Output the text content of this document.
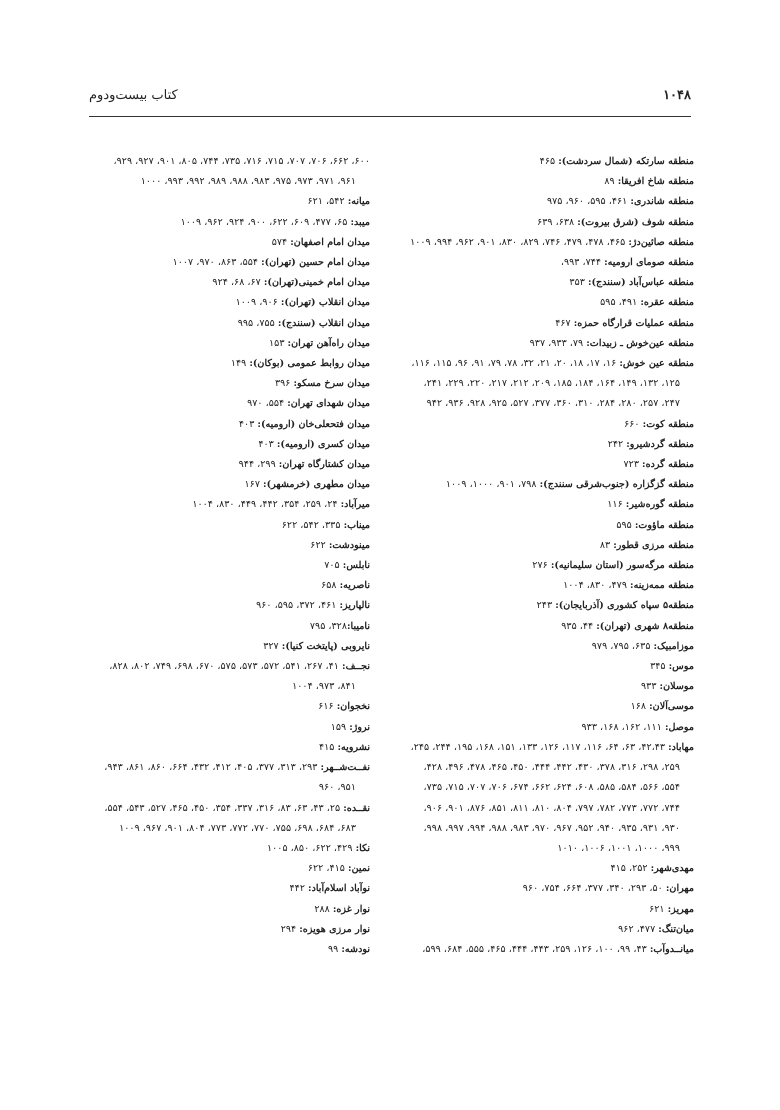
۱۰۴۸
کتاب بیست‌ودوم
منطقه سارتکه (شمال سردشت): ۴۶۵
منطقه شاخ افریقا: ۸۹
منطقه شاندری: ۴۶۱، ۵۹۵، ۹۶۰، ۹۷۵
منطقه شوف (شرق بیروت): ۶۳۸، ۶۳۹
منطقه صائین‌دژ: ۴۶۵، ۴۷۸، ۴۷۹، ۷۴۶، ۸۲۹، ۸۳۰، ۹۰۱، ۹۶۲، ۹۹۴، ۱۰۰۹
منطقه صومای ارومیه: ۷۴۴، ۹۹۳،
منطقه عباس‌آباد (سنندج): ۳۵۳
منطقه عقره: ۴۹۱، ۵۹۵
منطقه عملیات قرارگاه حمزه: ۴۶۷
منطقه عین‌خوش ـ زبیدات: ۷۹، ۹۳۳، ۹۳۷
منطقه عین خوش: ۱۶، ۱۷، ۱۸، ۲۰، ۲۱، ۳۲، ۷۸، ۷۹، ۹۱، ۹۶، ۱۱۵، ۱۱۶،
۱۲۵، ۱۳۲، ۱۴۹، ۱۶۴، ۱۸۴، ۱۸۵، ۲۰۹، ۲۱۲، ۲۱۷، ۲۲۰، ۲۲۹، ۲۴۱،
۲۴۷، ۲۵۷، ۲۸۰، ۲۸۴، ۳۱۰، ۳۶۰، ۳۷۷، ۵۲۷، ۹۲۵، ۹۲۸، ۹۳۶، ۹۴۲
منطقه کوت: ۶۶۰
منطقه گردشیرو: ۲۴۲
منطقه گرده: ۷۲۳
منطقه گزگزاره (جنوب‌شرقی سنندج): ۷۹۸، ۹۰۱، ۱۰۰۰، ۱۰۰۹
منطقه گوره‌شیر: ۱۱۶
منطقه ماؤوت: ۵۹۵
منطقه مرزی قطور: ۸۳
منطقه مرگه‌سور (استان سلیمانیه): ۲۷۶
منطقه ممه‌زینه: ۴۷۹، ۸۳۰، ۱۰۰۴
منطقه۵ سپاه کشوری (آذربایجان): ۲۴۳
منطقه۸ شهری (تهران): ۴۴، ۹۳۵
موزامبیک: ۶۳۵، ۷۹۵، ۹۷۹
موس: ۳۴۵
موسلان: ۹۳۳
موسی‌آلان: ۱۶۸
موصل: ۱۱۱، ۱۶۲، ۱۶۸، ۹۳۳
مهاباد: ۴۲،۴۳، ۶۳، ۶۴، ۱۱۶، ۱۱۷، ۱۲۶، ۱۳۳، ۱۵۱، ۱۶۸، ۱۹۵، ۲۴۴، ۲۴۵،
۲۵۹، ۲۹۸، ۳۱۶، ۳۷۸، ۴۳۰، ۴۴۲، ۴۴۴، ۴۵۰، ۴۶۵، ۴۷۸، ۴۹۶، ۴۲۸،
۵۵۴، ۵۶۶، ۵۸۴، ۵۸۵، ۶۰۸، ۶۲۴، ۶۶۲، ۶۷۴، ۷۰۶، ۷۰۷، ۷۱۵، ۷۳۵،
۷۴۴، ۷۷۲، ۷۷۳، ۷۸۲، ۷۹۷، ۸۰۴، ۸۱۰، ۸۱۱، ۸۵۱، ۸۷۶، ۹۰۱، ۹۰۶،
۹۳۰، ۹۳۱، ۹۳۵، ۹۴۰، ۹۵۲، ۹۶۷، ۹۷۰، ۹۸۳، ۹۸۸، ۹۹۴، ۹۹۷، ۹۹۸،
۹۹۹، ۱۰۰۰، ۱۰۰۱، ۱۰۰۶، ۱۰۱۰
مهدی‌شهر: ۲۵۲، ۴۱۵
مهران: ۵۰، ۲۹۳، ۳۴۰، ۳۷۷، ۶۶۴، ۷۵۴، ۹۶۰
مهریز: ۶۲۱
میان‌تنگ: ۴۷۷، ۹۶۲
میانــدوآب: ۴۳، ۹۹، ۱۰۰، ۱۲۶، ۲۵۹، ۴۴۳، ۴۴۴، ۴۶۵، ۵۵۵، ۶۸۴، ۵۹۹،
۶۰۰، ۶۶۲، ۷۰۶، ۷۰۷، ۷۱۵، ۷۱۶، ۷۳۵، ۷۴۴، ۸۰۵، ۹۰۱، ۹۲۷، ۹۲۹،
۹۶۱، ۹۷۱، ۹۷۳، ۹۷۵، ۹۸۳، ۹۸۸، ۹۸۹، ۹۹۲، ۹۹۳، ۱۰۰۰
میانه: ۵۴۲، ۶۲۱
میبد: ۶۵، ۴۷۷، ۶۰۹، ۶۲۲، ۹۰۰، ۹۲۴، ۹۶۲، ۱۰۰۹
میدان امام اصفهان: ۵۷۴
میدان امام حسین (تهران): ۵۵۴، ۸۶۳، ۹۷۰، ۱۰۰۷
میدان امام خمینی(تهران): ۶۷، ۶۸، ۹۲۴
میدان انقلاب (تهران): ۹۰۶، ۱۰۰۹
میدان انقلاب (سنندج): ۷۵۵، ۹۹۵
میدان راه‌آهن تهران: ۱۵۳
میدان روابط عمومی (بوکان): ۱۴۹
میدان سرخ مسکو: ۳۹۶
میدان شهدای تهران: ۵۵۴، ۹۷۰
میدان فتحعلی‌خان (ارومیه): ۴۰۳
میدان کسری (ارومیه): ۴۰۳
میدان کشتارگاه تهران: ۲۹۹، ۹۴۴
میدان مطهری (خرمشهر): ۱۶۷
میرآباد: ۲۴، ۲۵۹، ۳۵۴، ۴۴۲، ۴۴۹، ۸۳۰، ۱۰۰۴
میناب: ۳۳۵، ۵۴۲، ۶۲۲
مینودشت: ۶۲۲
نابلس: ۷۰۵
ناصریه: ۶۵۸
نالپاریز: ۴۶۱، ۳۷۲، ۵۹۵، ۹۶۰
نامیبا:۳۲۸، ۷۹۵
نایروبی (پایتخت کنیا): ۳۲۷
نجــف: ۴۱، ۲۶۷، ۵۴۱، ۵۷۲، ۵۷۳، ۵۷۵، ۶۷۰، ۶۹۸، ۷۴۹، ۸۰۲، ۸۲۸،
۸۴۱، ۹۷۳، ۱۰۰۴
نخجوان: ۶۱۶
نروژ: ۱۵۹
نشرویه: ۴۱۵
نفــت‌شــهر: ۲۹۳، ۳۱۳، ۳۷۷، ۴۰۵، ۴۱۲، ۴۳۲، ۶۶۴، ۸۶۰، ۸۶۱، ۹۴۳،
۹۵۱، ۹۶۰
نقــده: ۲۵، ۴۳، ۶۳، ۸۳، ۳۱۶، ۳۳۷، ۳۵۴، ۴۵۰، ۴۶۵، ۵۲۷، ۵۴۳، ۵۵۴،
۶۸۳، ۶۸۴، ۶۹۸، ۷۵۵، ۷۷۰، ۷۷۲، ۷۷۳، ۸۰۴، ۹۰۱، ۹۶۷، ۱۰۰۹
نکا: ۴۲۹، ۶۲۲، ۸۵۰، ۱۰۰۵
نمین: ۴۱۵، ۶۲۲
نوآباد اسلام‌آباد: ۴۴۲
نوار غزه: ۲۸۸
نوار مرزی هویزه: ۲۹۴
نودشه: ۹۹
